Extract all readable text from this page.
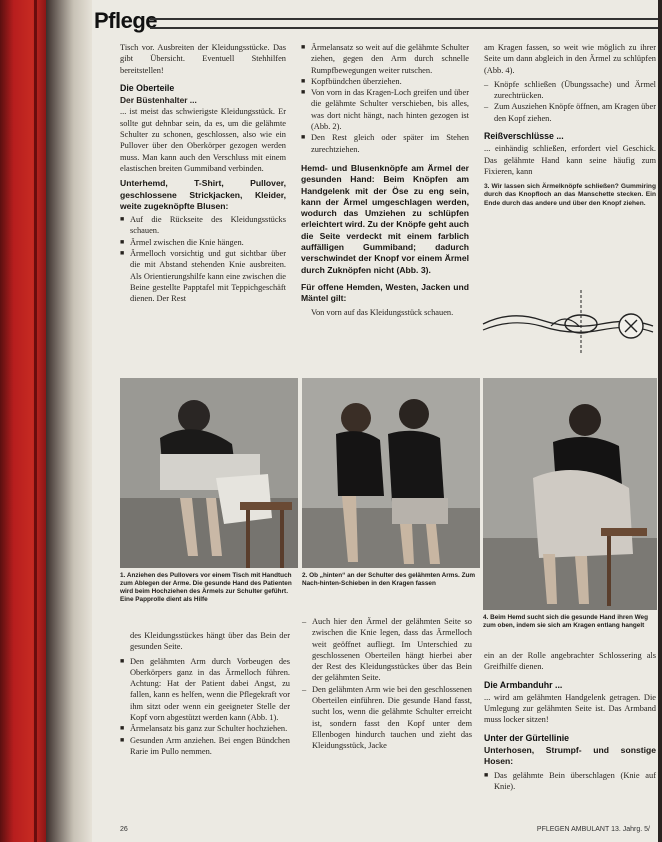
Pflege

Tisch vor. Ausbreiten der Kleidungsstücke. Das gibt Übersicht. Eventuell Stehhilfen bereitstellen!

Die Oberteile

Der Büstenhalter ...

... ist meist das schwierigste Kleidungsstück. Er sollte gut dehnbar sein, da es, um die gelähmte Schulter zu schonen, geschlossen, also wie ein Pullover über den Oberkörper gezogen werden muss. Man kann auch den Verschluss mit einem elastischen breiten Gummiband verbinden.

Unterhemd, T-Shirt, Pullover, geschlossene Strickjacken, Kleider, weite zugeknöpfte Blusen:
■ Auf die Rückseite des Kleidungsstücks schauen.
■ Ärmel zwischen die Knie hängen.
■ Ärmelloch vorsichtig und gut sichtbar über die mit Abstand stehenden Knie ausbreiten. Als Orientierungshilfe kann eine zwischen die Beine gestellte Papptafel mit Teppichgeschäft dienen. Der Rest
■ Ärmelansatz so weit auf die gelähmte Schulter ziehen, gegen den Arm durch schnelle Rumpfbewegungen weiter rutschen.
■ Kopfbündchen überziehen.
■ Von vorn in das Kragen-Loch greifen und über die gelähmte Schulter verschieben, bis alles, was dort nicht hängt, nach hinten gezogen ist (Abb. 2).
■ Den Rest gleich oder später im Stehen zurechtziehen.
Hemd- und Blusenknöpfe am Ärmel der gesunden Hand: Beim Knöpfen am Handgelenk mit der Öse zu eng sein, kann der Ärmel umgeschlagen werden, wodurch das Umziehen zu schlüpfen erleichtert wird. Zu der Knöpfe geht auch die Seite verdeckt mit einem farblich auffälligen Gummiband; dadurch verschwindet der Knopf vor einem Ärmel durch Zuknöpfen nicht (Abb. 3).
Für offene Hemden, Westen, Jacken und Mäntel gilt:

Von vorn auf das Kleidungsstück schauen.

am Kragen fassen, so weit wie möglich zu ihrer Seite um dann abgleich in den Ärmel zu schlüpfen (Abb. 4).

– Knöpfe schließen (Übungssache) und Ärmel zurechtrücken.
– Zum Ausziehen Knöpfe öffnen, am Kragen über den Kopf ziehen.
Reißverschlüsse ...

... einhändig schließen, erfordert viel Geschick. Das gelähmte Hand kann seine häufig zum Fixieren, kann

3. Wir lassen sich Ärmelknöpfe schließen? Gummiring durch das Knopfloch an das Manschette stecken. Ein Ende durch das andere und über den Knopf ziehen.
1. Anziehen des Pullovers vor einem Tisch mit Handtuch zum Ablegen der Arme. Die gesunde Hand des Patienten wird beim Hochziehen des Ärmels zur Schulter geführt. Eine Papprolle dient als Hilfe
2. Ob „hinten“ an der Schulter des gelähmten Arms. Zum Nach-hinten-Schieben in den Kragen fassen
4. Beim Hemd sucht sich die gesunde Hand ihren Weg zum oben, indem sie sich am Kragen entlang hangelt

des Kleidungsstückes hängt über das Bein der gesunden Seite.

■ Den gelähmten Arm durch Vorbeugen des Oberkörpers ganz in das Ärmelloch führen. Achtung: Hat der Patient dabei Angst, zu fallen, kann es helfen, wenn die Pflegekraft vor ihm sitzt oder wenn ein geeigneter Stelle der Kopf vorn abgestützt werden kann (Abb. 1).
■ Ärmelansatz bis ganz zur Schulter hochziehen.
■ Gesunden Arm anziehen. Bei engen Bündchen Rarie im Pullo nemmen.
– Auch hier den Ärmel der gelähmten Seite so zwischen die Knie legen, dass das Ärmelloch weit geöffnet aufliegt. Im Unterschied zu geschlossenen Oberteilen hängt hierbei aber der Rest des Kleidungsstückes über das Bein der gelähmten Seite.
– Den gelähmten Arm wie bei den geschlossenen Oberteilen einführen. Die gesunde Hand fasst, sucht los, wenn die gelähmte Schulter erreicht ist, sondern fasst den Kopf unter dem Ellenbogen hindurch tauchen und zieht das Kleidungsstück, Jacke

ein an der Rolle angebrachter Schlossering als Greifhilfe dienen.

Die Armbanduhr ...

... wird am gelähmten Handgelenk getragen. Die Umlegung zur gelähmten Seite ist. Das Armband muss locker sitzen!

Unter der Gürtellinie
Unterhosen, Strumpf- und sonstige Hosen:
■ Das gelähmte Bein überschlagen (Knie auf Knie).
26	PFLEGEN AMBULANT 13. Jahrg. 5/
